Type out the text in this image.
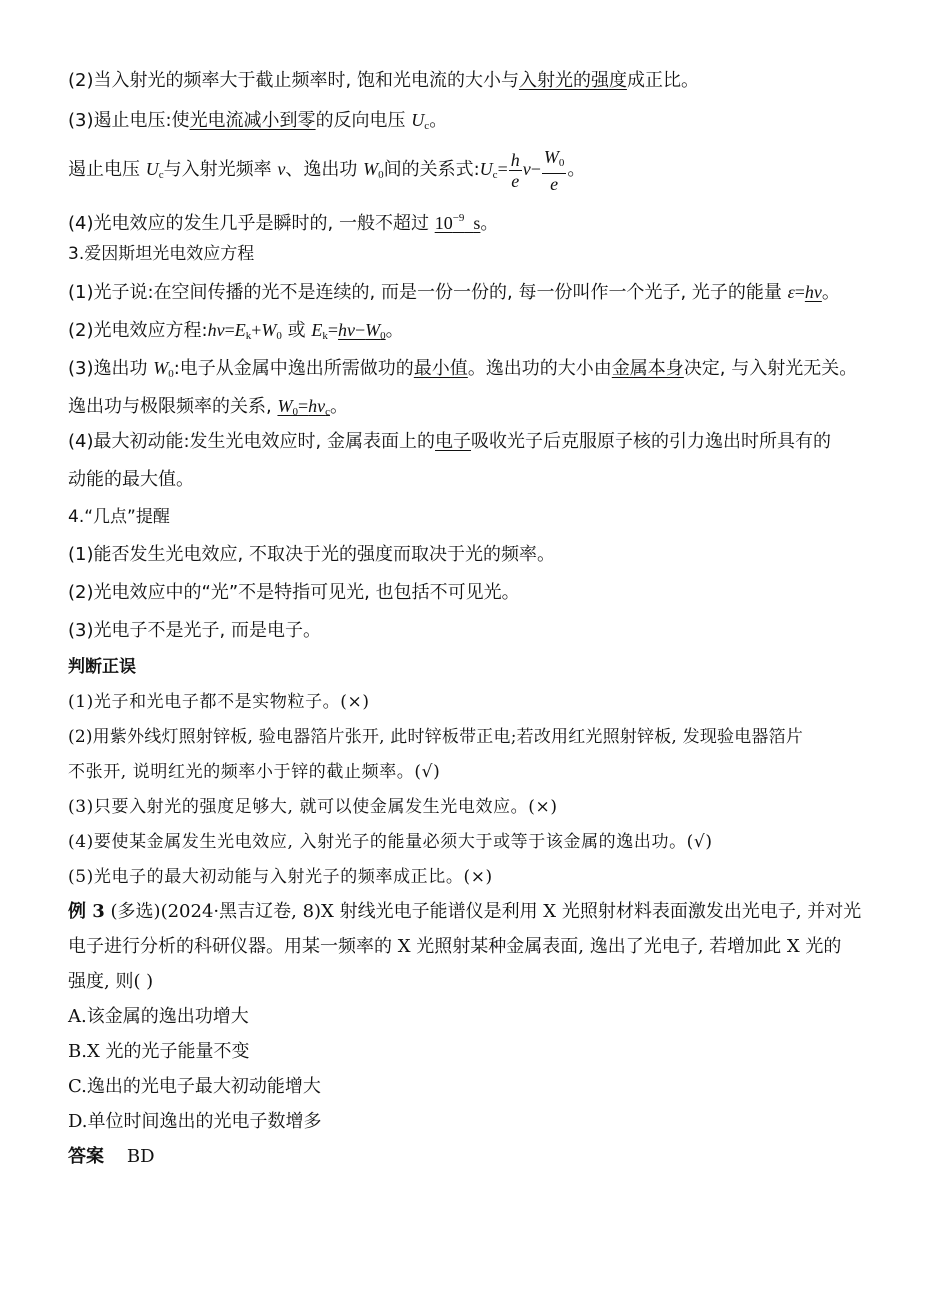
(2)当入射光的频率大于截止频率时, 饱和光电流的大小与入射光的强度成正比。
(3)遏止电压:使光电流减小到零的反向电压 $U_c$。
遏止电压 $U_c$与入射光频率 ν、逸出功 $W_0$间的关系式$:U_c= \frac{h}{e} \nu- \frac{W_0}{e}$ 。
(4)光电效应的发生几乎是瞬时的, 一般不超过 $10^{-9}$ s。
3.爱因斯坦光电效应方程
(1)光子说:在空间传播的光不是连续的, 而是一份一份的, 每一份叫作一个光子, 光子的能量 ε=hν。
(2)光电效应方程$:h\nu=E_k+W_0$ 或 $E_k=h\nu-W_0$。
(3)逸出功 $W_0$:电子从金属中逸出所需做功的最小值。逸出功的大小由金属本身决定, 与入射光无关。
逸出功与极限频率的关系, $W_0=h\nu_c$。
(4)最大初动能:发生光电效应时, 金属表面上的电子吸收光子后克服原子核的引力逸出时所具有的
动能的最大值。
4.“几点”提醒
(1)能否发生光电效应, 不取决于光的强度而取决于光的频率。
(2)光电效应中的“光”不是特指可见光, 也包括不可见光。
(3)光电子不是光子, 而是电子。
判断正误
(1)光子和光电子都不是实物粒子。(×)
(2)用紫外线灯照射锌板, 验电器箔片张开, 此时锌板带正电;若改用红光照射锌板, 发现验电器箔片
不张开, 说明红光的频率小于锌的截止频率。(√)
(3)只要入射光的强度足够大, 就可以使金属发生光电效应。(×)
(4)要使某金属发生光电效应, 入射光子的能量必须大于或等于该金属的逸出功。(√)
(5)光电子的最大初动能与入射光子的频率成正比。(×)
例 3 (多选)(2024·黑吉辽卷, 8)X 射线光电子能谱仪是利用 X 光照射材料表面激发出光电子, 并对光
电子进行分析的科研仪器。用某一频率的 X 光照射某种金属表面, 逸出了光电子, 若增加此 X 光的
强度, 则( )
A.该金属的逸出功增大
B.X 光的光子能量不变
C.逸出的光电子最大初动能增大
D.单位时间逸出的光电子数增多
答案 BD
